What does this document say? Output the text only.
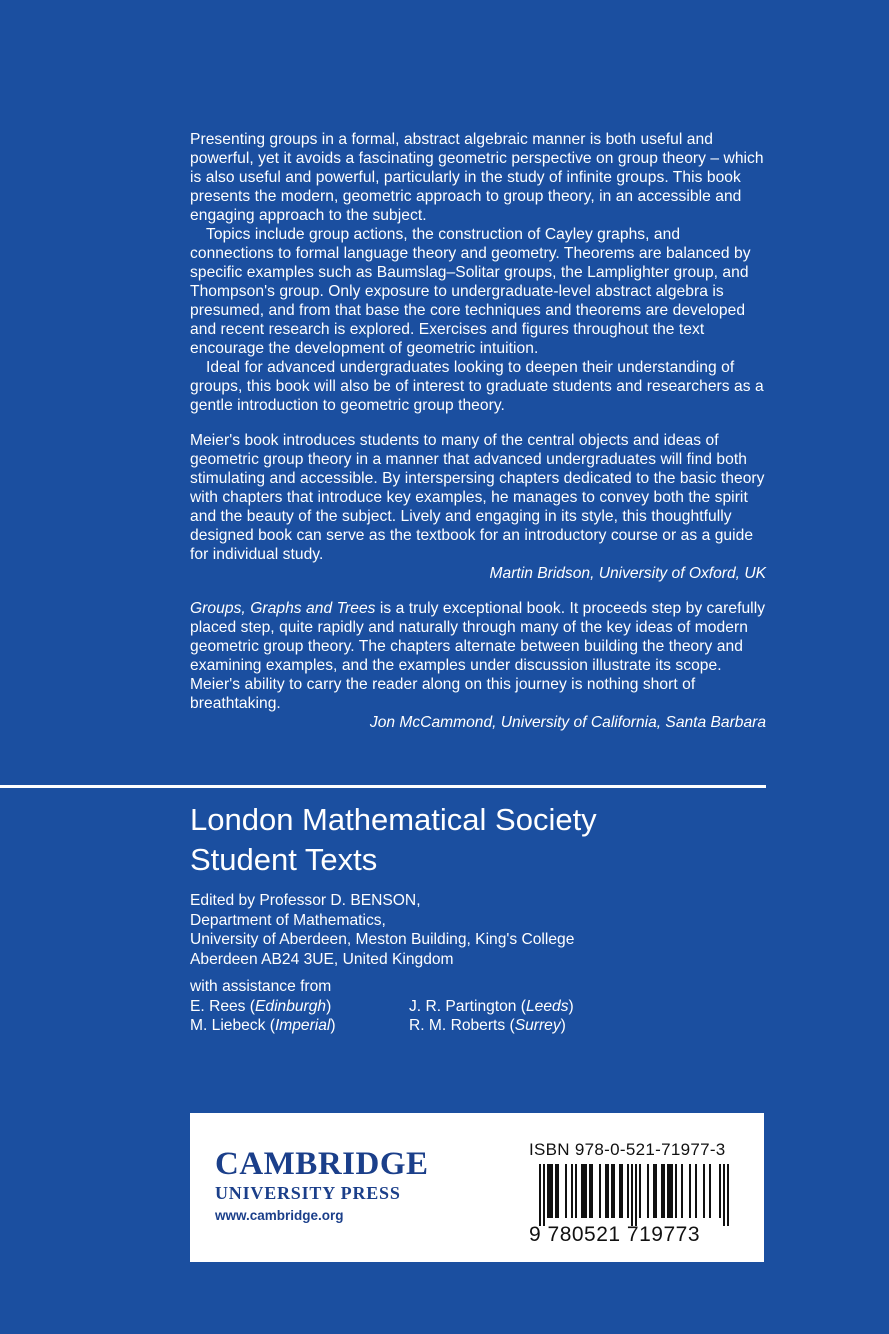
Presenting groups in a formal, abstract algebraic manner is both useful and powerful, yet it avoids a fascinating geometric perspective on group theory – which is also useful and powerful, particularly in the study of infinite groups. This book presents the modern, geometric approach to group theory, in an accessible and engaging approach to the subject.

Topics include group actions, the construction of Cayley graphs, and connections to formal language theory and geometry. Theorems are balanced by specific examples such as Baumslag–Solitar groups, the Lamplighter group, and Thompson's group. Only exposure to undergraduate-level abstract algebra is presumed, and from that base the core techniques and theorems are developed and recent research is explored. Exercises and figures throughout the text encourage the development of geometric intuition.

Ideal for advanced undergraduates looking to deepen their understanding of groups, this book will also be of interest to graduate students and researchers as a gentle introduction to geometric group theory.

Meier's book introduces students to many of the central objects and ideas of geometric group theory in a manner that advanced undergraduates will find both stimulating and accessible. By interspersing chapters dedicated to the basic theory with chapters that introduce key examples, he manages to convey both the spirit and the beauty of the subject. Lively and engaging in its style, this thoughtfully designed book can serve as the textbook for an introductory course or as a guide for individual study.

Martin Bridson, University of Oxford, UK

Groups, Graphs and Trees is a truly exceptional book. It proceeds step by carefully placed step, quite rapidly and naturally through many of the key ideas of modern geometric group theory. The chapters alternate between building the theory and examining examples, and the examples under discussion illustrate its scope. Meier's ability to carry the reader along on this journey is nothing short of breathtaking.

Jon McCammond, University of California, Santa Barbara

London Mathematical Society
Student Texts
Edited by Professor D. BENSON,
Department of Mathematics,
University of Aberdeen, Meston Building, King's College
Aberdeen AB24 3UE, United Kingdom
with assistance from
E. Rees (Edinburgh)	J. R. Partington (Leeds)
M. Liebeck (Imperial)	R. M. Roberts (Surrey)
CAMBRIDGE
UNIVERSITY PRESS
www.cambridge.org
ISBN 978-0-521-71977-3
9 780521 719773
